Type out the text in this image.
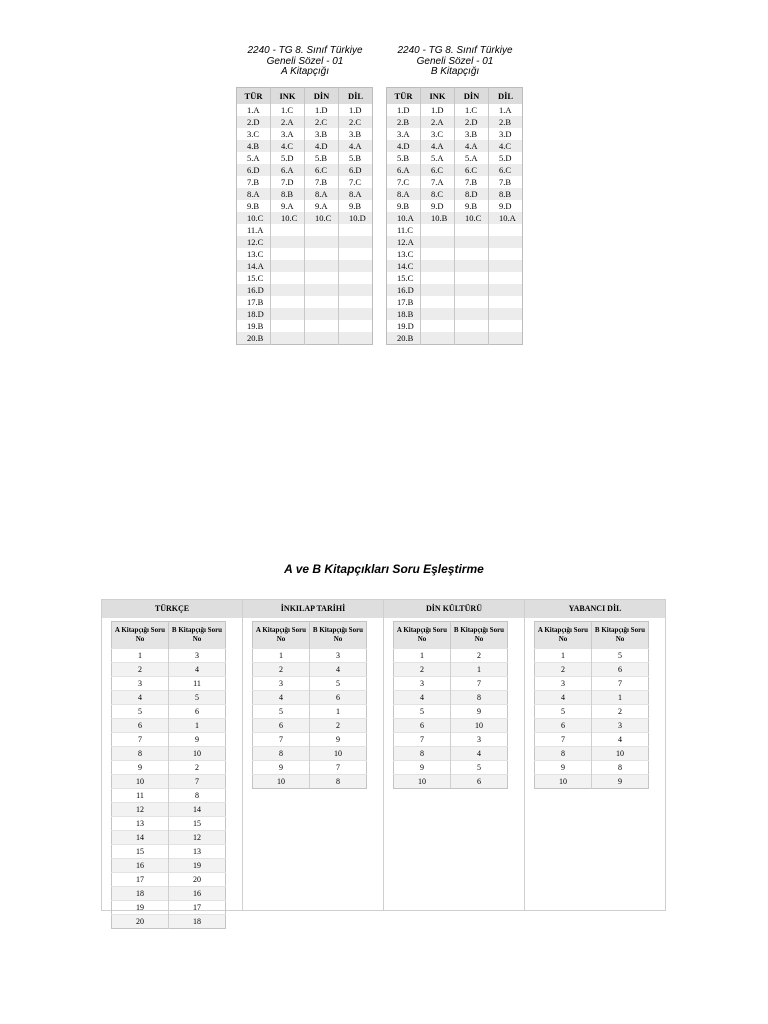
2240 - TG 8. Sınıf Türkiye
Geneli Sözel - 01
A Kitapçığı
TÜR	INK	DİN	DİL
1.A	1.C	1.D	1.D
2.D	2.A	2.C	2.C
3.C	3.A	3.B	3.B
4.B	4.C	4.D	4.A
5.A	5.D	5.B	5.B
6.D	6.A	6.C	6.D
7.B	7.D	7.B	7.C
8.A	8.B	8.A	8.A
9.B	9.A	9.A	9.B
10.C	10.C	10.C	10.D
11.A			
12.C			
13.C			
14.A			
15.C			
16.D			
17.B			
18.D			
19.B			
20.B			
2240 - TG 8. Sınıf Türkiye
Geneli Sözel - 01
B Kitapçığı
TÜR	INK	DİN	DİL
1.D	1.D	1.C	1.A
2.B	2.A	2.D	2.B
3.A	3.C	3.B	3.D
4.D	4.A	4.A	4.C
5.B	5.A	5.A	5.D
6.A	6.C	6.C	6.C
7.C	7.A	7.B	7.B
8.A	8.C	8.D	8.B
9.B	9.D	9.B	9.D
10.A	10.B	10.C	10.A
11.C			
12.A			
13.C			
14.C			
15.C			
16.D			
17.B			
18.B			
19.D			
20.B			
A ve B Kitapçıkları Soru Eşleştirme
TÜRKÇE
A Kitapçığı Soru No	B Kitapçığı Soru No
1	3
2	4
3	11
4	5
5	6
6	1
7	9
8	10
9	2
10	7
11	8
12	14
13	15
14	12
15	13
16	19
17	20
18	16
19	17
20	18
İNKILAP TARİHİ
A Kitapçığı Soru No	B Kitapçığı Soru No
1	3
2	4
3	5
4	6
5	1
6	2
7	9
8	10
9	7
10	8
DİN KÜLTÜRÜ
A Kitapçığı Soru No	B Kitapçığı Soru No
1	2
2	1
3	7
4	8
5	9
6	10
7	3
8	4
9	5
10	6
YABANCI DİL
A Kitapçığı Soru No	B Kitapçığı Soru No
1	5
2	6
3	7
4	1
5	2
6	3
7	4
8	10
9	8
10	9
